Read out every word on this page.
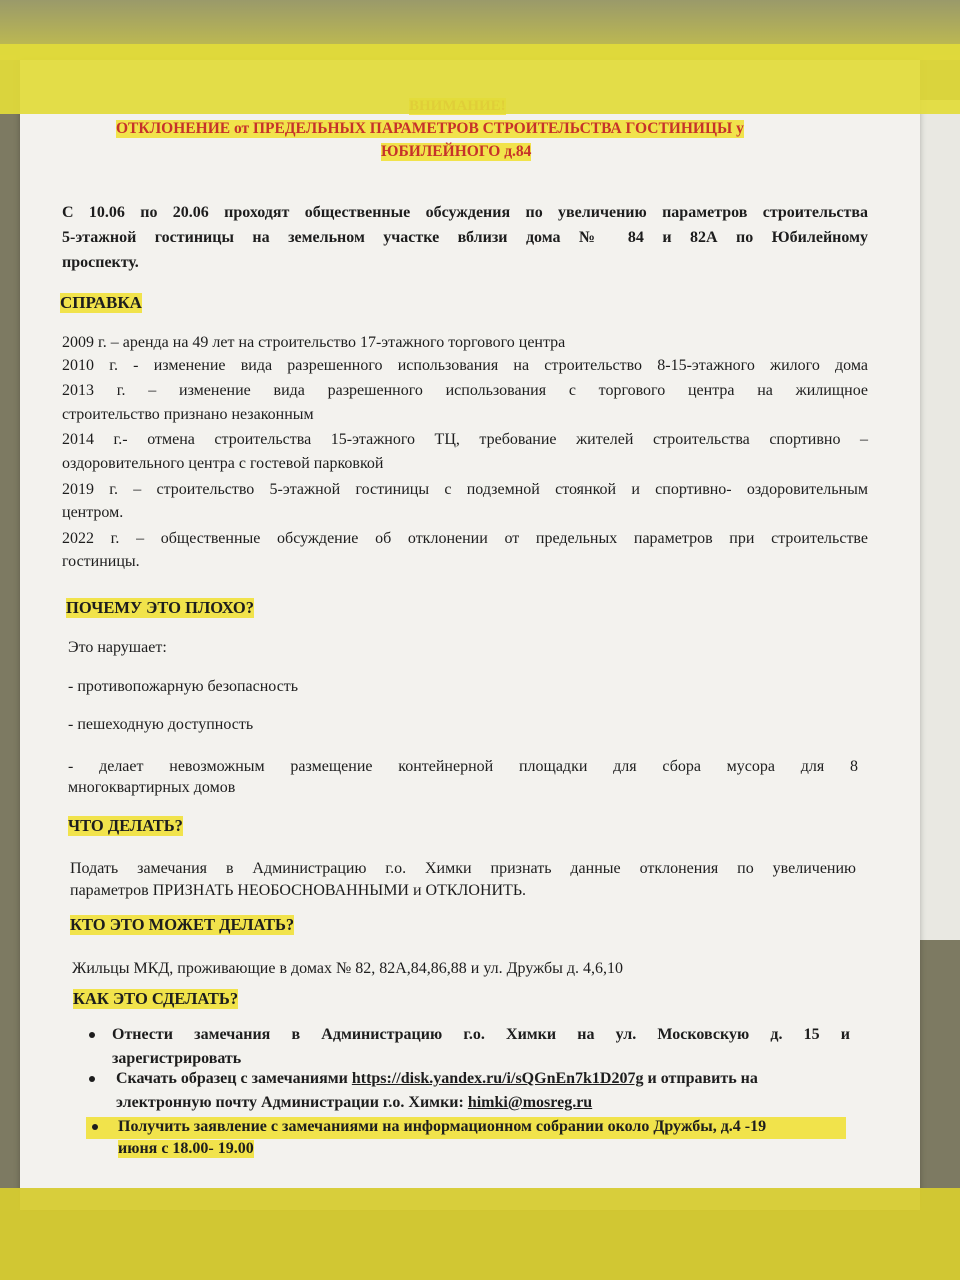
ОТКЛОНЕНИЕ от ПРЕДЕЛЬНЫХ ПАРАМЕТРОВ СТРОИТЕЛЬСТВА ГОСТИНИЦЫ у
ЮБИЛЕЙНОГО д.84
С 10.06 по 20.06 проходят общественные обсуждения по увеличению параметров строительства
5-этажной гостиницы на земельном участке вблизи дома № 84 и 82А по Юбилейному
проспекту.
СПРАВКА
2009 г. – аренда на 49 лет на строительство 17-этажного торгового центра
2010 г. - изменение вида разрешенного использования на строительство 8-15-этажного жилого дома
2013 г. – изменение вида разрешенного использования с торгового центра на жилищное
строительство признано незаконным
2014 г.- отмена строительства 15-этажного ТЦ, требование жителей строительства спортивно –
оздоровительного центра с гостевой парковкой
2019 г. – строительство 5-этажной гостиницы с подземной стоянкой и спортивно- оздоровительным
центром.
2022 г. – общественные обсуждение об отклонении от предельных параметров при строительстве
гостиницы.
ПОЧЕМУ ЭТО ПЛОХО?
Это нарушает:
- противопожарную безопасность
- пешеходную доступность
- делает невозможным размещение контейнерной площадки для сбора мусора для 8
многоквартирных домов
ЧТО ДЕЛАТЬ?
Подать замечания в Администрацию г.о. Химки признать данные отклонения по увеличению
параметров ПРИЗНАТЬ НЕОБОСНОВАННЫМИ и ОТКЛОНИТЬ.
КТО ЭТО МОЖЕТ ДЕЛАТЬ?
Жильцы МКД, проживающие в домах № 82, 82А,84,86,88 и ул. Дружбы д. 4,6,10
КАК ЭТО СДЕЛАТЬ?
Отнести замечания в Администрацию г.о. Химки на ул. Московскую д. 15 и
зарегистрировать
Скачать образец с замечаниями https://disk.yandex.ru/i/sQGnEn7k1D207g и отправить на
электронную почту Администрации г.о. Химки: himki@mosreg.ru
Получить заявление с замечаниями на информационном собрании около Дружбы, д.4 -19
июня с 18.00- 19.00
